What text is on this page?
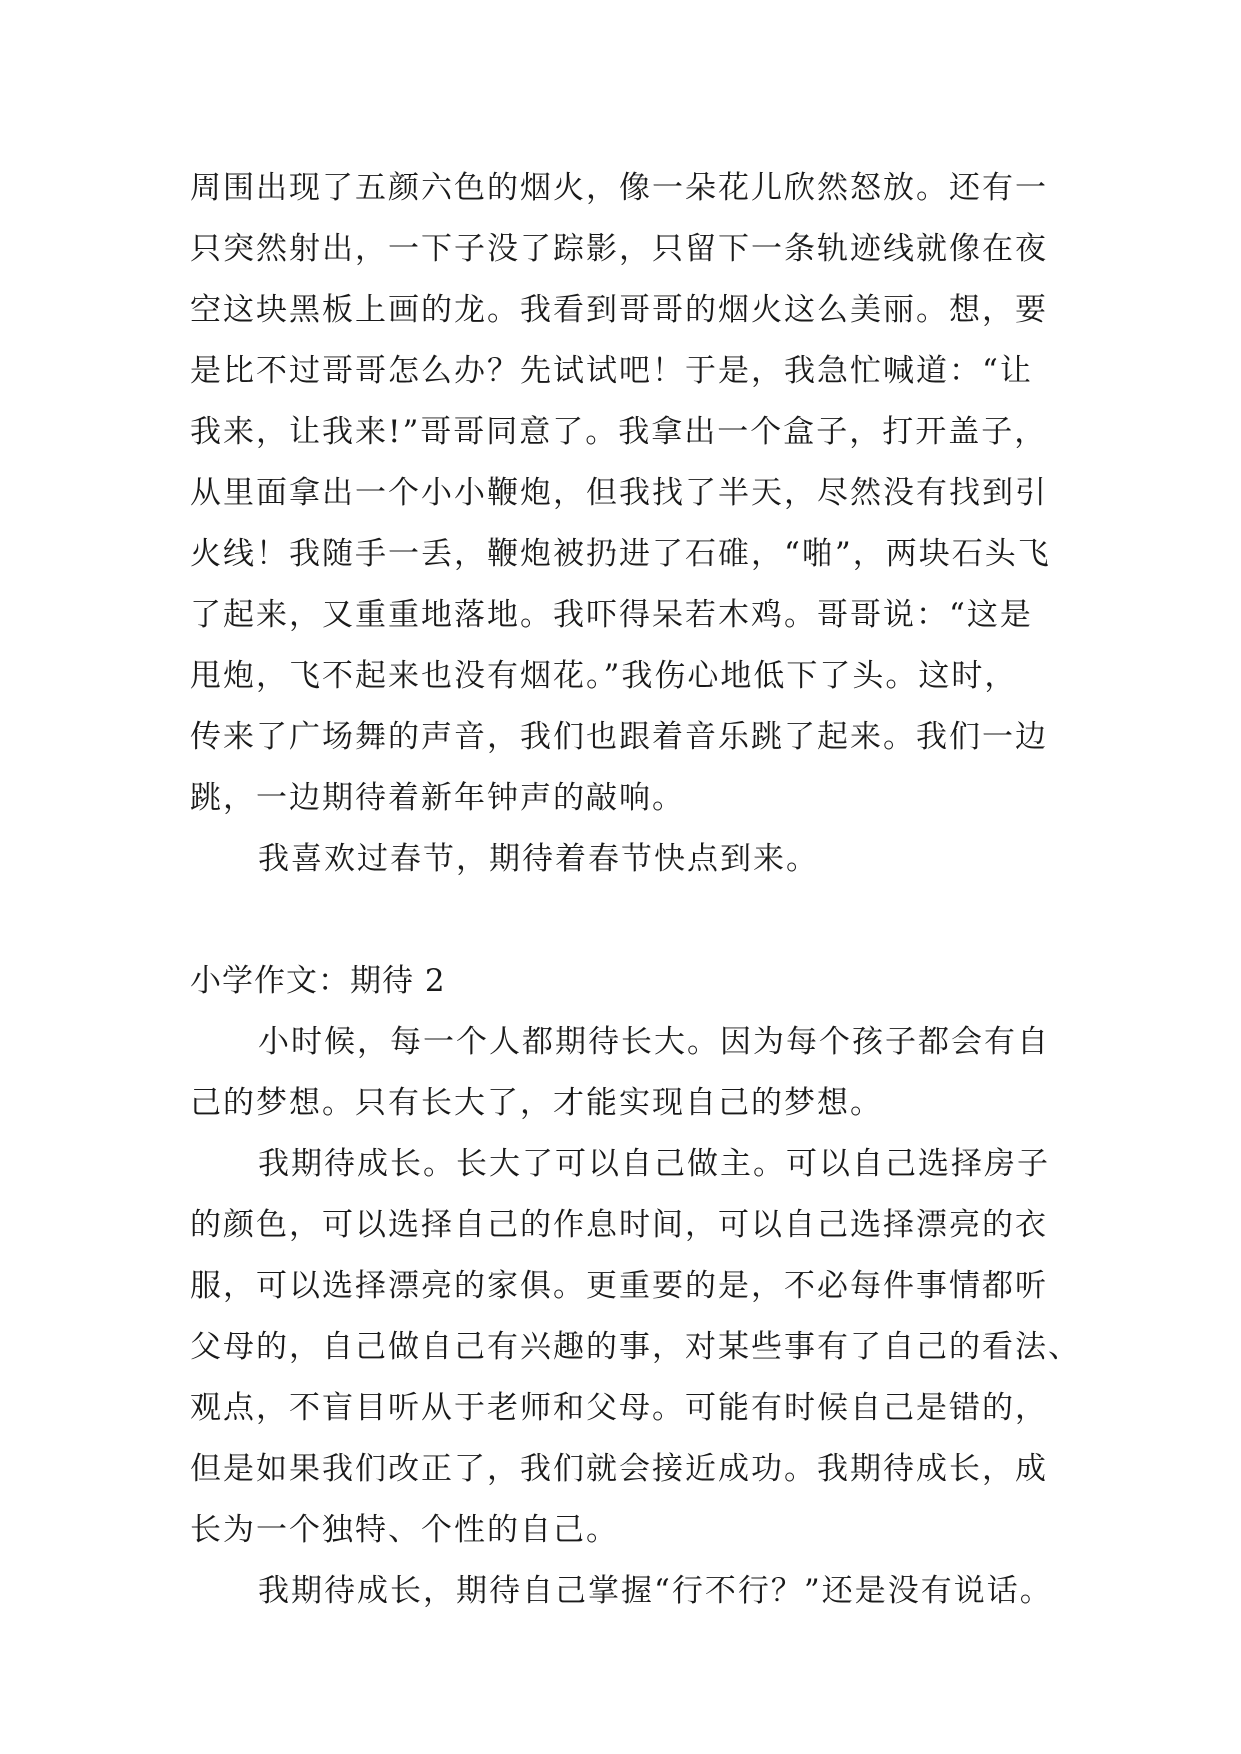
周围出现了五颜六色的烟火，像一朵花儿欣然怒放。还有一
只突然射出，一下子没了踪影，只留下一条轨迹线就像在夜
空这块黑板上画的龙。我看到哥哥的烟火这么美丽。想，要
是比不过哥哥怎么办？先试试吧！于是，我急忙喊道：“让
我来，让我来!”哥哥同意了。我拿出一个盒子，打开盖子，
从里面拿出一个小小鞭炮，但我找了半天，尽然没有找到引
火线！我随手一丢，鞭炮被扔进了石碓，“啪”，两块石头飞
了起来，又重重地落地。我吓得呆若木鸡。哥哥说：“这是
甩炮，飞不起来也没有烟花。”我伤心地低下了头。这时，
传来了广场舞的声音，我们也跟着音乐跳了起来。我们一边
跳，一边期待着新年钟声的敲响。
我喜欢过春节，期待着春节快点到来。
小学作文：期待 2
小时候，每一个人都期待长大。因为每个孩子都会有自
己的梦想。只有长大了，才能实现自己的梦想。
我期待成长。长大了可以自己做主。可以自己选择房子
的颜色，可以选择自己的作息时间，可以自己选择漂亮的衣
服，可以选择漂亮的家俱。更重要的是，不必每件事情都听
父母的，自己做自己有兴趣的事，对某些事有了自己的看法、
观点，不盲目听从于老师和父母。可能有时候自己是错的，
但是如果我们改正了，我们就会接近成功。我期待成长，成
长为一个独特、个性的自己。
我期待成长，期待自己掌握“行不行？”还是没有说话。
